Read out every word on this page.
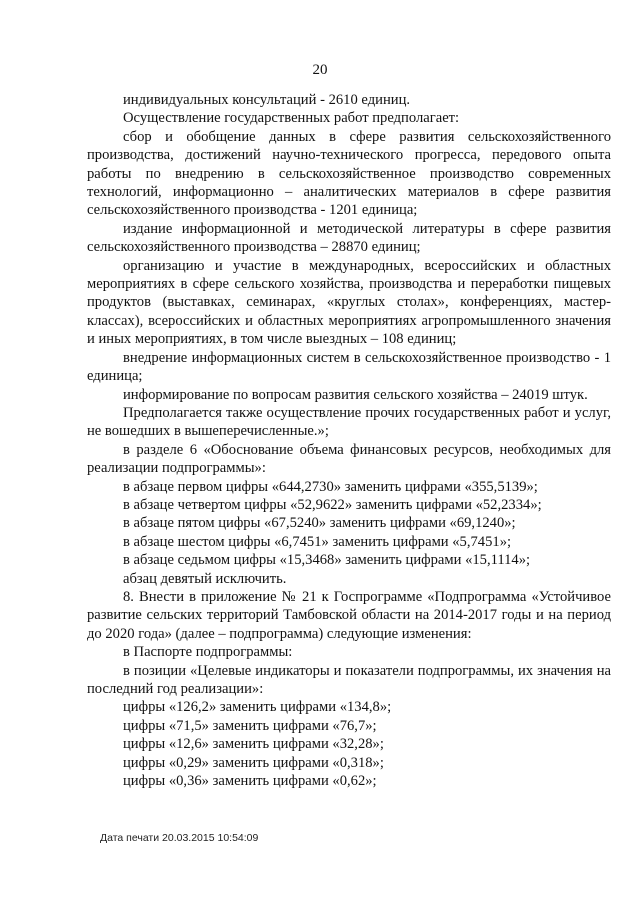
20

индивидуальных консультаций - 2610 единиц.

Осуществление государственных работ предполагает:

сбор и обобщение данных в сфере развития сельскохозяйственного производства, достижений научно-технического прогресса, передового опыта работы по внедрению в сельскохозяйственное производство современных технологий, информационно – аналитических материалов в сфере развития сельскохозяйственного производства - 1201 единица;

издание информационной и методической литературы в сфере развития сельскохозяйственного производства – 28870 единиц;

организацию и участие в международных, всероссийских и областных мероприятиях в сфере сельского хозяйства, производства и переработки пищевых продуктов (выставках, семинарах, «круглых столах», конференциях, мастер-классах), всероссийских и областных мероприятиях агропромышленного значения и иных мероприятиях, в том числе выездных – 108 единиц;

внедрение информационных систем в сельскохозяйственное производство - 1 единица;

информирование по вопросам развития сельского хозяйства – 24019 штук.

Предполагается также осуществление прочих государственных работ и услуг, не вошедших в вышеперечисленные.»;

в разделе 6 «Обоснование объема финансовых ресурсов, необходимых для реализации подпрограммы»:

в абзаце первом цифры «644,2730» заменить цифрами «355,5139»;

в абзаце четвертом цифры «52,9622» заменить цифрами «52,2334»;

в абзаце пятом цифры «67,5240» заменить цифрами «69,1240»;

в абзаце шестом цифры «6,7451» заменить цифрами «5,7451»;

в абзаце седьмом цифры «15,3468» заменить цифрами «15,1114»;

абзац девятый исключить.

8. Внести в приложение № 21 к Госпрограмме «Подпрограмма «Устойчивое развитие сельских территорий Тамбовской области на 2014-2017 годы и на период до 2020 года» (далее – подпрограмма) следующие изменения:

в Паспорте подпрограммы:

в позиции «Целевые индикаторы и показатели подпрограммы, их значения на последний год реализации»:

цифры «126,2» заменить цифрами «134,8»;

цифры «71,5» заменить цифрами «76,7»;

цифры «12,6» заменить цифрами «32,28»;

цифры «0,29» заменить цифрами «0,318»;

цифры «0,36» заменить цифрами «0,62»;

Дата печати 20.03.2015 10:54:09
